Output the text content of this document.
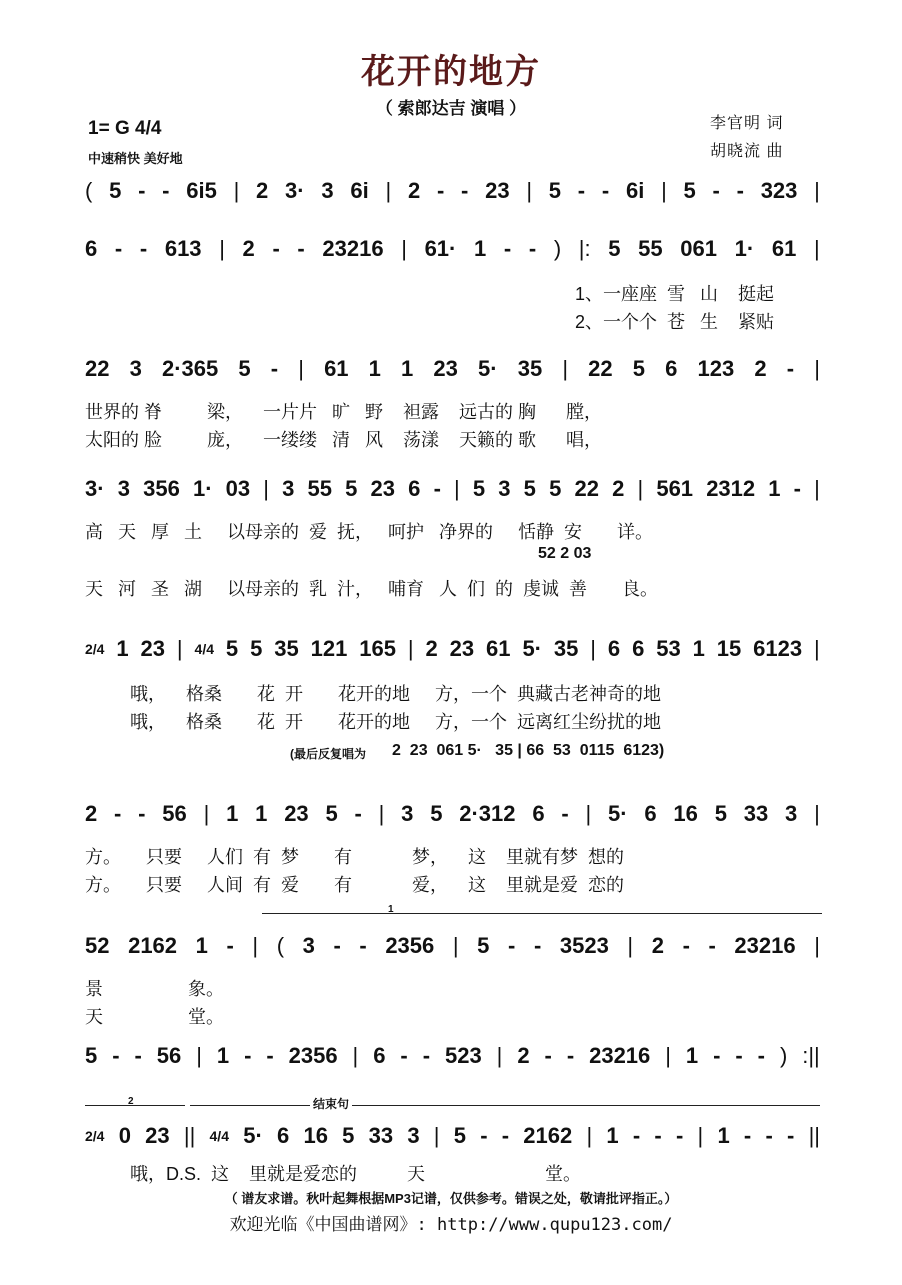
花开的地方
（ 索郎达吉 演唱 ）
1= G 4/4
中速稍快 美好地
李官明 词
胡晓流 曲
( 5 - - 6i5 | 2 3· 3 6i | 2 - - 23 | 5 - - 6i | 5 - - 323 |
6 - - 613 | 2 - - 23216 | 61· 1 - - ) |: 5 55 061 1· 61 |
22 3 2·365 5 - | 61 1 1 23 5· 35 | 22 5 6 123 2 - |
3· 3 356 1· 03 | 3 55 5 23 6 - | 5 3 5 5 22 2 | 561 2312 1 - |
2/4 1 23 | 4/4 5 5 35 121 165 | 2 23 61 5· 35 | 6 6 53 1 15 6123 |
2 - - 56 | 1 1 23 5 - | 3 5 2·312 6 - | 5· 6 16 5 33 3 |
52 2162 1 - | ( 3 - - 2356 | 5 - - 3523 | 2 - - 23216 |
5 - - 56 | 1 - - 2356 | 6 - - 523 | 2 - - 23216 | 1 - - - ) :||
2/4 0 23 || 4/4 5· 6 16 5 33 3 | 5 - - 2162 | 1 - - - | 1 - - - ||
1、一座座  雪   山    挺起
2、一个个  苍   生    紧贴
世界的 脊         梁，    一片片   旷   野    袒露    远古的 胸      膛，
太阳的 脸         庞，    一缕缕   清   风    荡漾    天籁的 歌      唱，
高   天   厚   土     以母亲的  爱  抚，   呵护   净界的     恬静  安       详。
52 2 03
天   河   圣   湖     以母亲的  乳  汁，   哺育   人  们  的  虔诚  善       良。
哦，    格桑       花  开       花开的地     方，一个  典藏古老神奇的地
哦，    格桑       花  开       花开的地     方，一个  远离红尘纷扰的地
(最后反复唱为 2  23  061 5·   35 | 66  53  0115  6123)
方。     只要     人们  有  梦       有            梦，    这    里就有梦  想的
方。     只要     人间  有  爱       有            爱，    这    里就是爱  恋的
1
景                 象。
天                 堂。
2	结束句
哦，D.S.  这    里就是爱恋的          天                        堂。
（ 谱友求谱。秋叶起舞根据MP3记谱，仅供参考。错误之处，敬请批评指正。）
欢迎光临《中国曲谱网》: http://www.qupu123.com/
